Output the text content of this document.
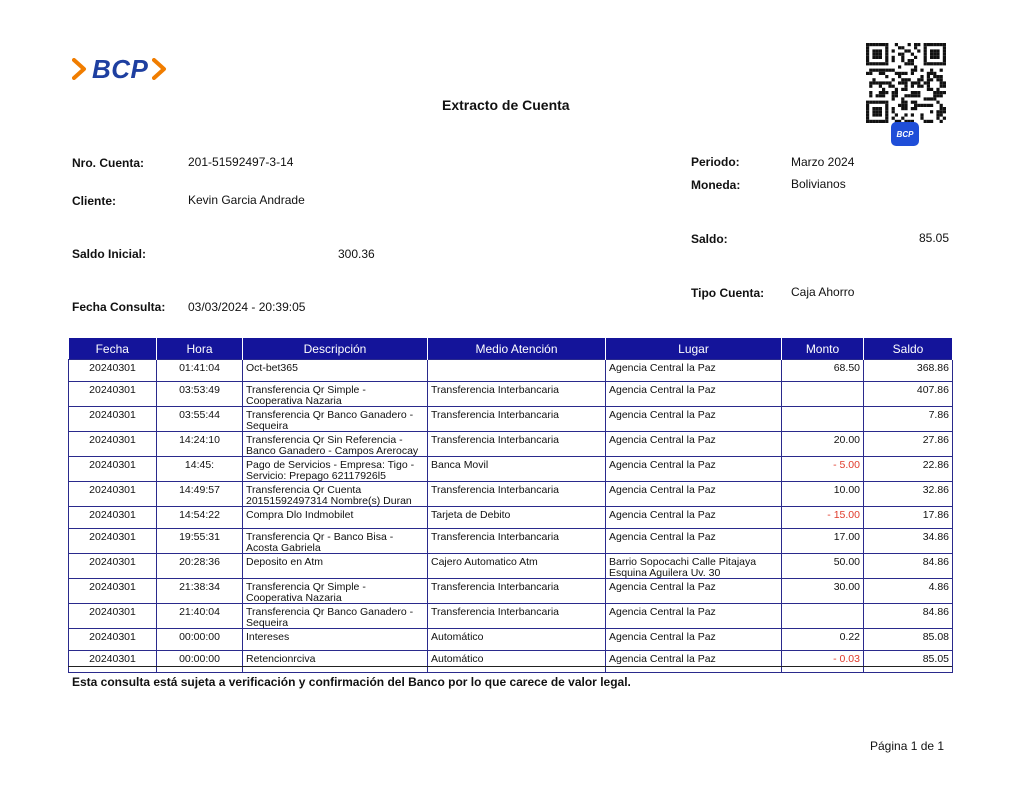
BCP
BCP
Extracto de Cuenta
Nro. Cuenta:	201-51592497-3-14
Cliente:	Kevin Garcia Andrade
Saldo Inicial:	300.36
Fecha Consulta: 03/03/2024 - 20:39:05
Periodo:	Marzo 2024
Moneda:	Bolivianos
Saldo:	85.05
Tipo Cuenta: Caja Ahorro
Fecha	Hora	Descripción	Medio Atención	Lugar	Monto	Saldo

20240301	01:41:04	Oct-bet365		Agencia Central la Paz	68.50	368.86

20240301	03:53:49	Transferencia Qr Simple - Cooperativa Nazaria	Transferencia Interbancaria	Agencia Central la Paz		407.86

20240301	03:55:44	Transferencia Qr Banco Ganadero - Sequeira	Transferencia Interbancaria	Agencia Central la Paz		7.86

20240301	14:24:10	Transferencia Qr Sin Referencia - Banco Ganadero - Campos Arerocay	Transferencia Interbancaria	Agencia Central la Paz	20.00	27.86

20240301	14:45:	Pago de Servicios - Empresa: Tigo - Servicio: Prepago 62117926l5	Banca Movil	Agencia Central la Paz	- 5.00	22.86

20240301	14:49:57	Transferencia Qr Cuenta 20151592497314 Nombre(s) Duran	Transferencia Interbancaria	Agencia Central la Paz	10.00	32.86

20240301	14:54:22	Compra Dlo Indmobilet	Tarjeta de Debito	Agencia Central la Paz	- 15.00	17.86

20240301	19:55:31	Transferencia Qr - Banco Bisa - Acosta Gabriela	Transferencia Interbancaria	Agencia Central la Paz	17.00	34.86

20240301	20:28:36	Deposito en Atm	Cajero Automatico Atm	Barrio Sopocachi Calle Pitajaya Esquina Aguilera Uv. 30	50.00	84.86

20240301	21:38:34	Transferencia Qr Simple - Cooperativa Nazaria	Transferencia Interbancaria	Agencia Central la Paz	30.00	4.86

20240301	21:40:04	Transferencia Qr Banco Ganadero - Sequeira	Transferencia Interbancaria	Agencia Central la Paz		84.86

20240301	00:00:00	Intereses	Automático	Agencia Central la Paz	0.22	85.08

20240301	00:00:00	Retencionrciva	Automático	Agencia Central la Paz	- 0.03	85.05
Esta consulta está sujeta a verificación y confirmación del Banco por lo que carece de valor legal.
Página 1 de 1
